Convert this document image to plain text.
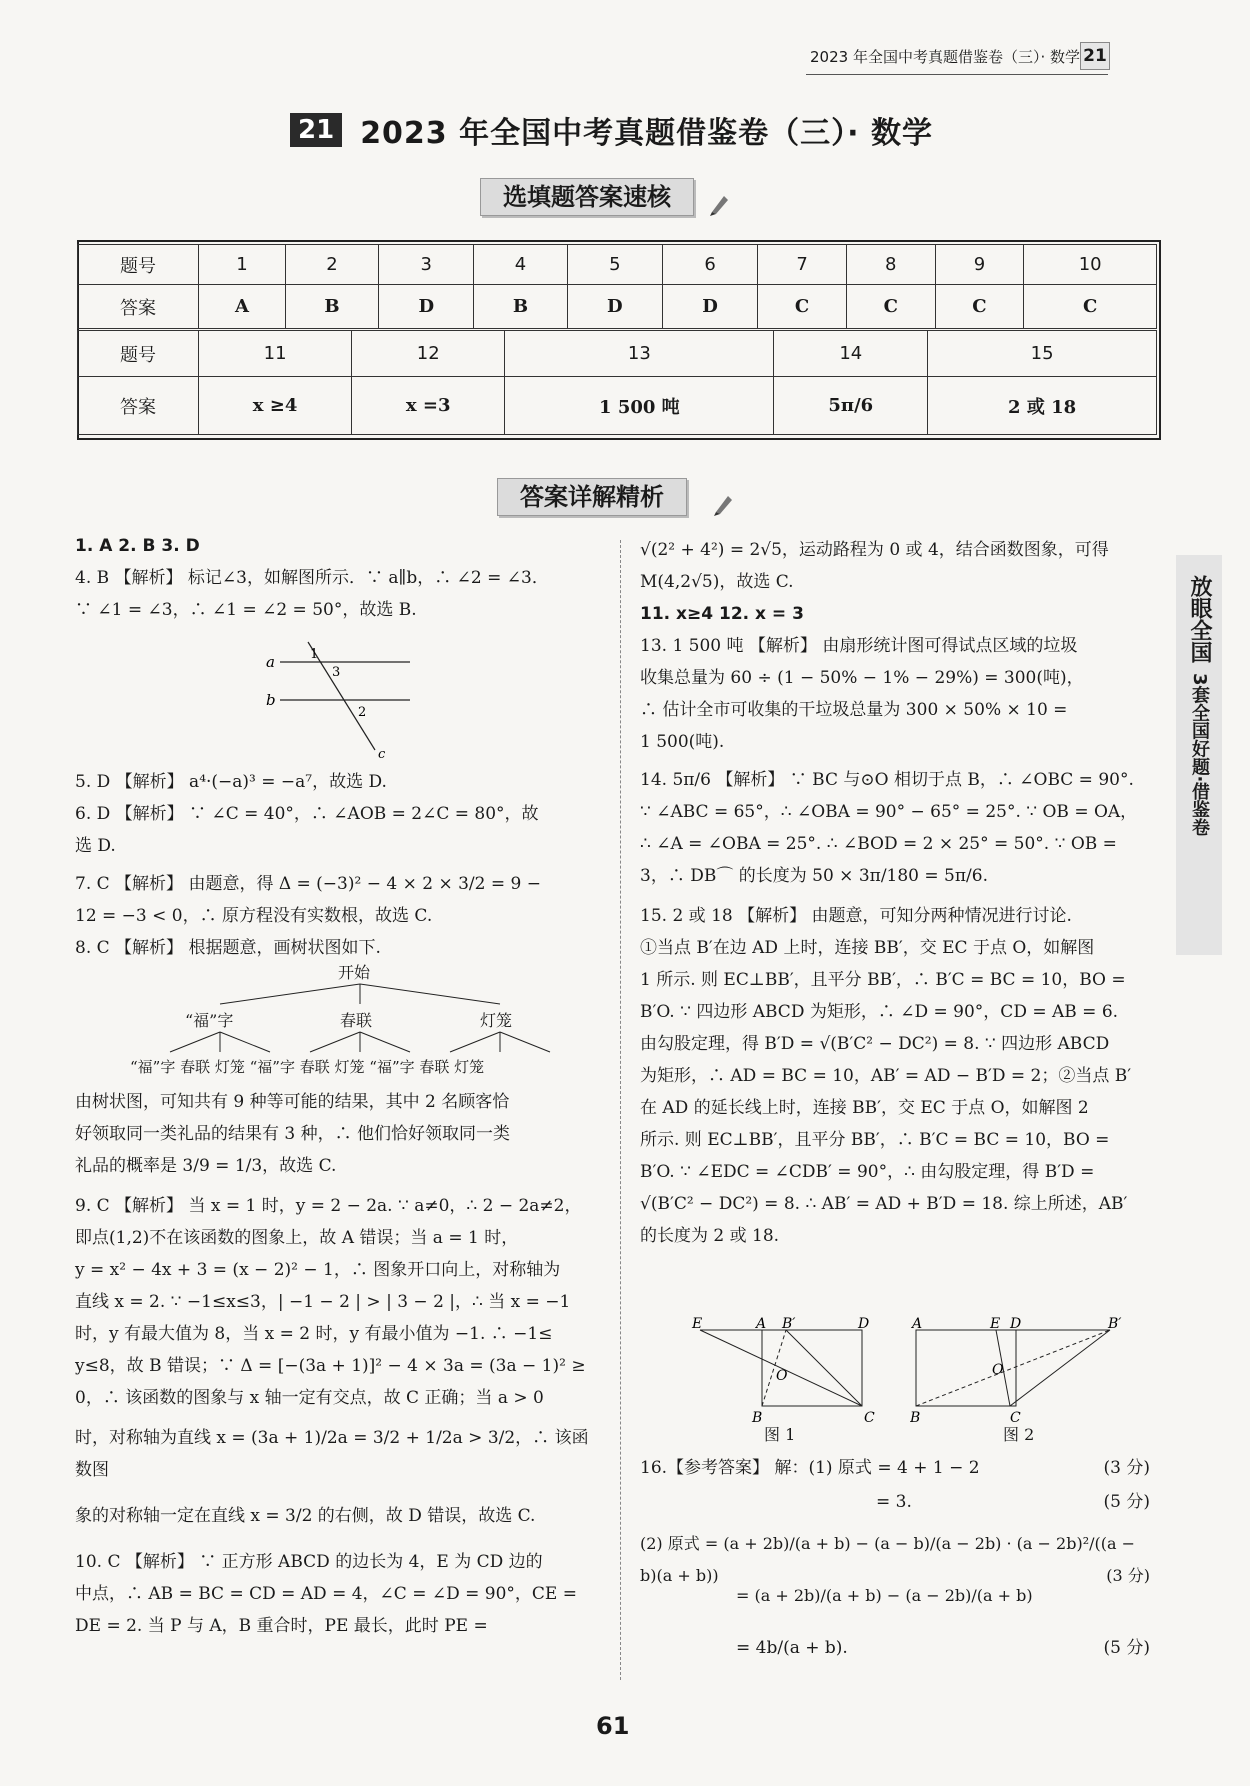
2023 年全国中考真题借鉴卷（三）· 数学 21
21 2023 年全国中考真题借鉴卷（三）· 数学
选填题答案速核
题号	1	2	3	4	5	6	7	8	9	10
答案	A	B	D	B	D	D	C	C	C	C
题号	11	12	13	14	15
答案	x ≥4	x =3	1 500 吨	5π/6	2 或 18
答案详解精析

1. A 2. B 3. D

4. B 【解析】 标记∠3，如解图所示．∵ a∥b，∴ ∠2 = ∠3．

∵ ∠1 = ∠3，∴ ∠1 = ∠2 = 50°，故选 B.

a
b
1
3
2
c

5. D 【解析】 a⁴·(−a)³ = −a⁷，故选 D.

6. D 【解析】 ∵ ∠C = 40°，∴ ∠AOB = 2∠C = 80°，故

选 D.

7. C 【解析】 由题意，得 Δ = (−3)² − 4 × 2 × 3/2 = 9 −

12 = −3 < 0，∴ 原方程没有实数根，故选 C.

8. C 【解析】 根据题意，画树状图如下.

开始
“福”字	春联	灯笼
“福”字 春联 灯笼 “福”字 春联 灯笼 “福”字 春联 灯笼

由树状图，可知共有 9 种等可能的结果，其中 2 名顾客恰

好领取同一类礼品的结果有 3 种，∴ 他们恰好领取同一类

礼品的概率是 3/9 = 1/3，故选 C.

9. C 【解析】 当 x = 1 时，y = 2 − 2a. ∵ a≠0，∴ 2 − 2a≠2，

即点(1,2)不在该函数的图象上，故 A 错误；当 a = 1 时，

y = x² − 4x + 3 = (x − 2)² − 1，∴ 图象开口向上，对称轴为

直线 x = 2. ∵ −1≤x≤3，| −1 − 2 | > | 3 − 2 |，∴ 当 x = −1

时，y 有最大值为 8，当 x = 2 时，y 有最小值为 −1. ∴ −1≤

y≤8，故 B 错误；∵ Δ = [−(3a + 1)]² − 4 × 3a = (3a − 1)² ≥

0，∴ 该函数的图象与 x 轴一定有交点，故 C 正确；当 a > 0

时，对称轴为直线 x = (3a + 1)/2a = 3/2 + 1/2a > 3/2，∴ 该函数图

象的对称轴一定在直线 x = 3/2 的右侧，故 D 错误，故选 C.

10. C 【解析】 ∵ 正方形 ABCD 的边长为 4，E 为 CD 边的

中点，∴ AB = BC = CD = AD = 4，∠C = ∠D = 90°，CE =

DE = 2. 当 P 与 A，B 重合时，PE 最长，此时 PE =

√(2² + 4²) = 2√5，运动路程为 0 或 4，结合函数图象，可得

M(4,2√5)，故选 C.

11. x≥4 12. x = 3

13. 1 500 吨 【解析】 由扇形统计图可得试点区域的垃圾

收集总量为 60 ÷ (1 − 50% − 1% − 29%) = 300(吨)，

∴ 估计全市可收集的干垃圾总量为 300 × 50% × 10 =

1 500(吨).

14. 5π/6 【解析】 ∵ BC 与⊙O 相切于点 B，∴ ∠OBC = 90°.

∵ ∠ABC = 65°，∴ ∠OBA = 90° − 65° = 25°. ∵ OB = OA，

∴ ∠A = ∠OBA = 25°. ∴ ∠BOD = 2 × 25° = 50°. ∵ OB =

3，∴ DB⌒ 的长度为 50 × 3π/180 = 5π/6.

15. 2 或 18 【解析】 由题意，可知分两种情况进行讨论.

①当点 B′在边 AD 上时，连接 BB′，交 EC 于点 O，如解图

1 所示. 则 EC⊥BB′，且平分 BB′，∴ B′C = BC = 10，BO =

B′O. ∵ 四边形 ABCD 为矩形，∴ ∠D = 90°，CD = AB = 6.

由勾股定理，得 B′D = √(B′C² − DC²) = 8. ∵ 四边形 ABCD

为矩形，∴ AD = BC = 10，AB′ = AD − B′D = 2；②当点 B′

在 AD 的延长线上时，连接 BB′，交 EC 于点 O，如解图 2

所示. 则 EC⊥BB′，且平分 BB′，∴ B′C = BC = 10，BO =

B′O. ∵ ∠EDC = ∠CDB′ = 90°，∴ 由勾股定理，得 B′D =

√(B′C² − DC²) = 8. ∴ AB′ = AD + B′D = 18. 综上所述，AB′

的长度为 2 或 18.

E	A B′	D
B	C
O
图 1
A	E D	B′
B	C
O
图 2
16.【参考答案】 解：(1) 原式 = 4 + 1 − 2	(3 分)
= 3.	(5 分)
(2) 原式 = (a + 2b)/(a + b) − (a − b)/(a − 2b) · (a − 2b)²/((a − b)(a + b))	(3 分)
= (a + 2b)/(a + b) − (a − 2b)/(a + b)
= 4b/(a + b).	(5 分)
放眼全国
3套全国好题·借鉴卷
61
